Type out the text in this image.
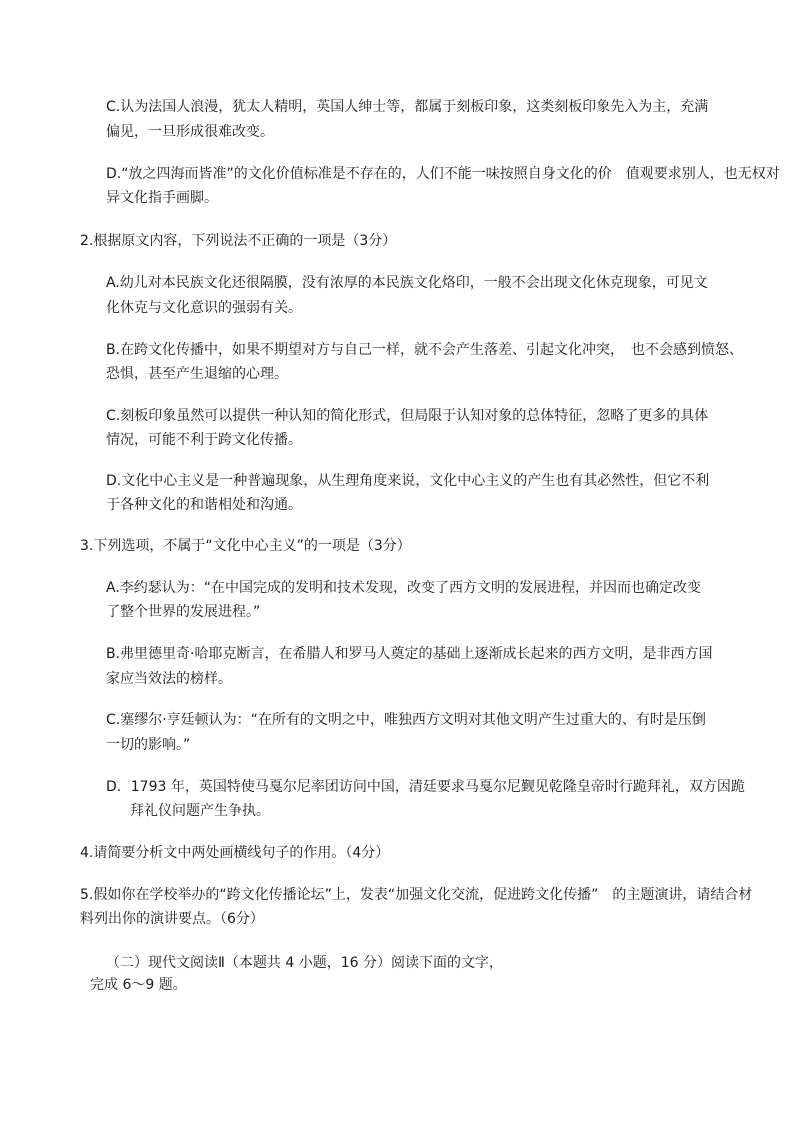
C.认为法国人浪漫，犹太人精明，英国人绅士等，都属于刻板印象，这类刻板印象先入为主，充满
偏见，一旦形成很难改变。
D.“放之四海而皆准”的文化价值标准是不存在的，人们不能一味按照自身文化的价　值观要求别人，也无权对
异文化指手画脚。
2.根据原文内容，下列说法不正确的一项是（3分）
A.幼儿对本民族文化还很隔膜，没有浓厚的本民族文化烙印，一般不会出现文化休克现象，可见文
化休克与文化意识的强弱有关。
B.在跨文化传播中，如果不期望对方与自己一样，就不会产生落差、引起文化冲突，　也不会感到愤怒、
恐惧，甚至产生退缩的心理。
C.刻板印象虽然可以提供一种认知的简化形式，但局限于认知对象的总体特征，忽略了更多的具体
情况，可能不利于跨文化传播。
D.文化中心主义是一种普遍现象，从生理角度来说，文化中心主义的产生也有其必然性，但它不利
于各种文化的和谐相处和沟通。
3.下列选项，不属于“文化中心主义”的一项是（3分）
A.李约瑟认为：“在中国完成的发明和技术发现，改变了西方文明的发展进程，并因而也确定改变
了整个世界的发展进程。”
B.弗里德里奇·哈耶克断言，在希腊人和罗马人奠定的基础上逐渐成长起来的西方文明，是非西方国
家应当效法的榜样。
C.塞缪尔·亨廷顿认为：“在所有的文明之中，唯独西方文明对其他文明产生过重大的、有时是压倒
一切的影响。”
D．1793 年，英国特使马戛尔尼率团访问中国，清廷要求马戛尔尼觐见乾隆皇帝时行跪拜礼，双方因跪
拜礼仪问题产生争执。
4.请简要分析文中两处画横线句子的作用。（4分）
5.假如你在学校举办的“跨文化传播论坛”上，发表“加强文化交流，促进跨文化传播”　的主题演讲，请结合材
料列出你的演讲要点。（6分）
（二）现代文阅读Ⅱ（本题共 4 小题，16 分）阅读下面的文字，
完成 6～9 题。
